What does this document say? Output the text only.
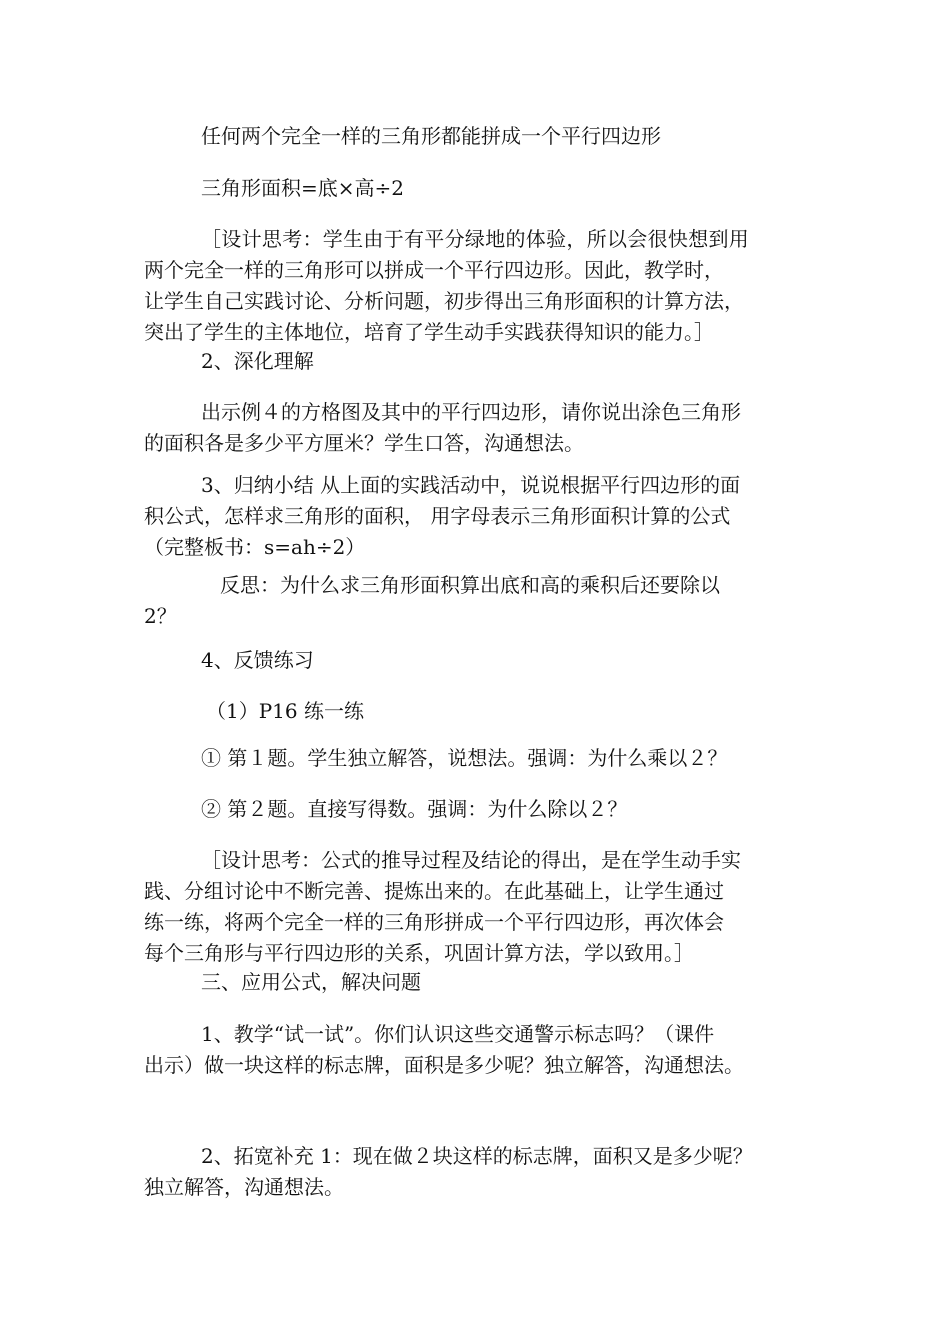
任何两个完全一样的三角形都能拼成一个平行四边形

三角形面积=底×高÷2

［设计思考：学生由于有平分绿地的体验，所以会很快想到用
两个完全一样的三角形可以拼成一个平行四边形。因此，教学时，
让学生自己实践讨论、分析问题，初步得出三角形面积的计算方法，
突出了学生的主体地位，培育了学生动手实践获得知识的能力。］

2、深化理解

出示例４的方格图及其中的平行四边形，请你说出涂色三角形
的面积各是多少平方厘米？学生口答，沟通想法。

3、归纳小结 从上面的实践活动中，说说根据平行四边形的面
积公式，怎样求三角形的面积， 用字母表示三角形面积计算的公式
（完整板书：s=ah÷2）

反思：为什么求三角形面积算出底和高的乘积后还要除以
2？

4、反馈练习

（1）P16 练一练

① 第１题。学生独立解答，说想法。强调：为什么乘以２？

② 第２题。直接写得数。强调：为什么除以２？

［设计思考：公式的推导过程及结论的得出，是在学生动手实
践、分组讨论中不断完善、提炼出来的。在此基础上，让学生通过
练一练，将两个完全一样的三角形拼成一个平行四边形，再次体会
每个三角形与平行四边形的关系，巩固计算方法，学以致用。］

三、应用公式，解决问题

1、教学“试一试”。你们认识这些交通警示标志吗？（课件
出示）做一块这样的标志牌，面积是多少呢？独立解答，沟通想法。

2、拓宽补充 1：现在做２块这样的标志牌，面积又是多少呢？
独立解答，沟通想法。
